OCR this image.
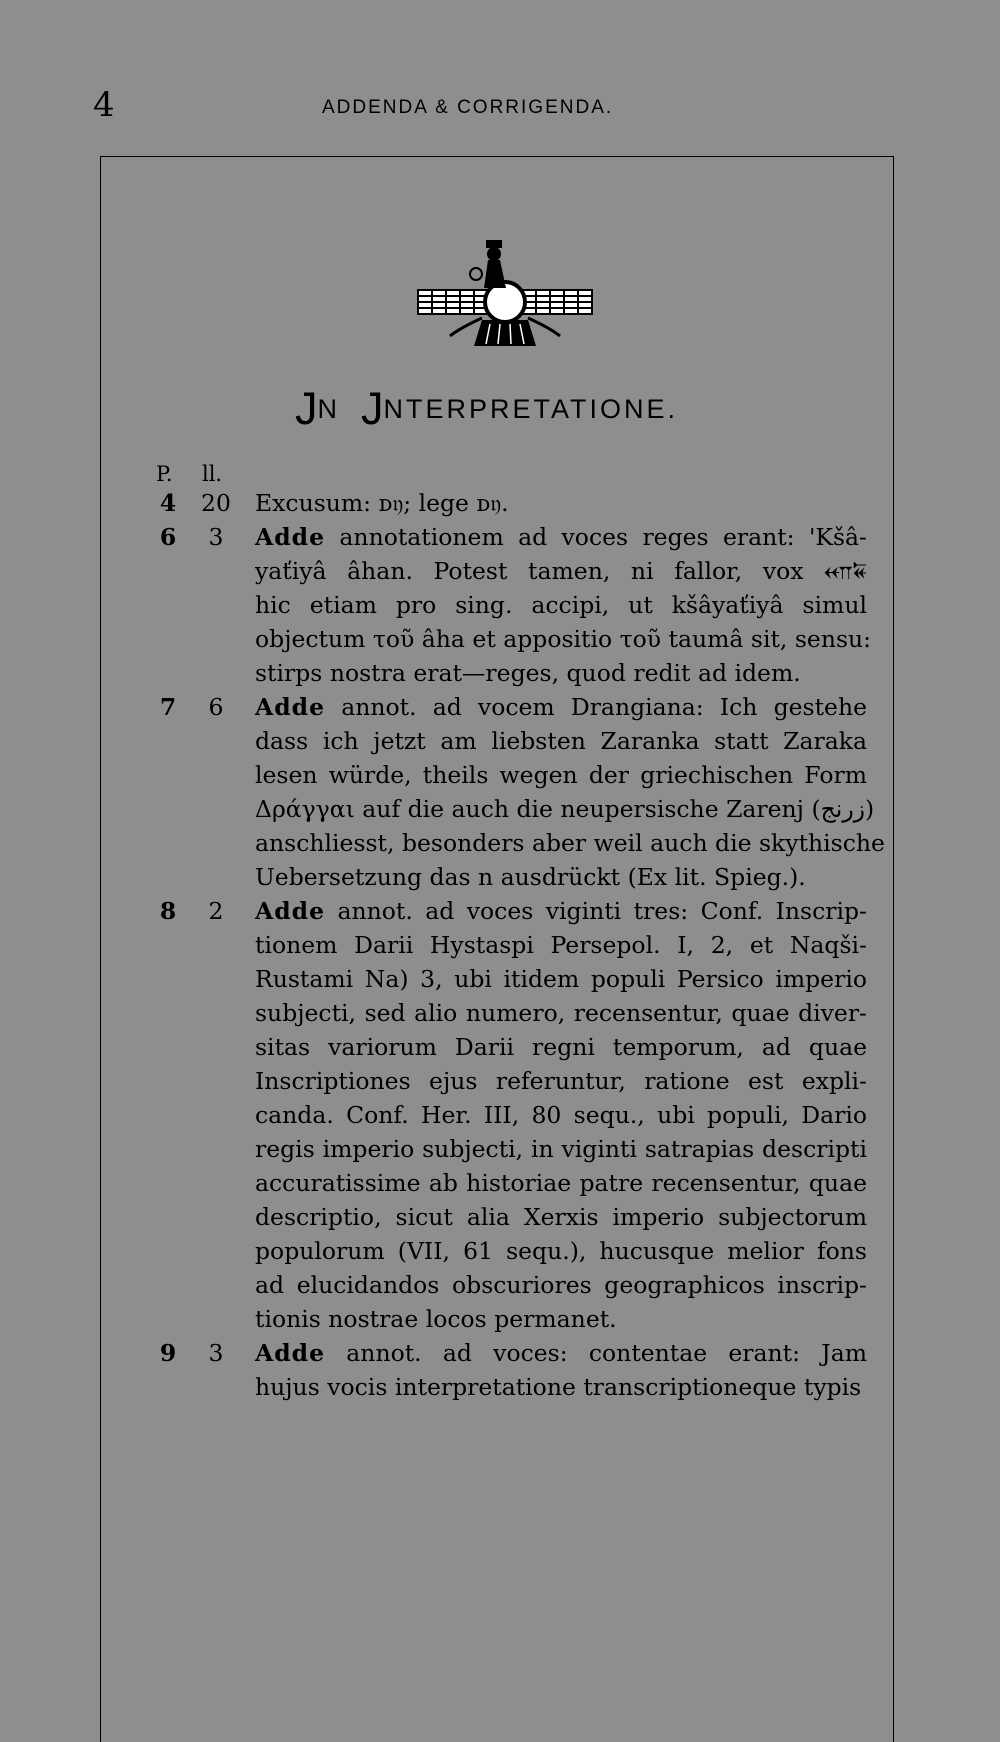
4	ADDENDA & CORRIGENDA.
JN JNTERPRETATIONE.
P. ll.
4 20 Excusum: ᴅ𝔶; lege ᴅ𝔶.
6	3	Adde annotationem ad voces reges erant: 'Kšâ-
yaťiyâ âhan. Potest tamen, ni fallor, vox 𐎧𐏁
hic etiam pro sing. accipi, ut kšâyaťiyâ simul
objectum τοῦ âha et appositio τοῦ taumâ sit, sensu:
stirps nostra erat—reges, quod redit ad idem.
7	6	Adde annot. ad vocem Drangiana: Ich gestehe
dass ich jetzt am liebsten Zaranka statt Zaraka
lesen würde, theils wegen der griechischen Form
Δράγγαι auf die auch die neupersische Zarenj (زرنج)
anschliesst, besonders aber weil auch die skythische
Uebersetzung das n ausdrückt (Ex lit. Spieg.).
8	2	Adde annot. ad voces viginti tres: Conf. Inscrip-
tionem Darii Hystaspi Persepol. I, 2, et Naqši-
Rustami Na) 3, ubi itidem populi Persico imperio
subjecti, sed alio numero, recensentur, quae diver-
sitas variorum Darii regni temporum, ad quae
Inscriptiones ejus referuntur, ratione est expli-
canda. Conf. Her. III, 80 sequ., ubi populi, Dario
regis imperio subjecti, in viginti satrapias descripti
accuratissime ab historiae patre recensentur, quae
descriptio, sicut alia Xerxis imperio subjectorum
populorum (VII, 61 sequ.), hucusque melior fons
ad elucidandos obscuriores geographicos inscrip-
tionis nostrae locos permanet.
9	3	Adde annot. ad voces: contentae erant: Jam
hujus vocis interpretatione transcriptioneque typis
